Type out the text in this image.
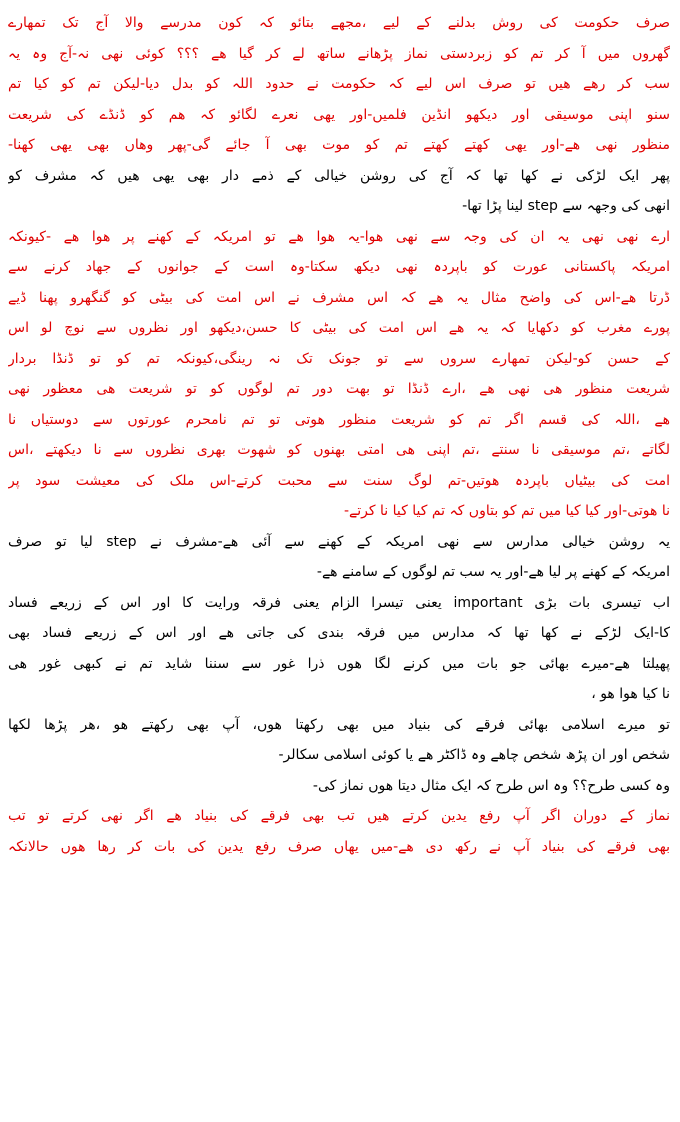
صرف حکومت کی روش بدلنے کے لیے ،مجھے بتائو کہ کون مدرسے والا آج تک تمھارے
گھروں میں آ کر تم کو زبردستی نماز پڑھانے ساتھ لے کر گیا ھے ؟؟؟ کوئی نھی نہ-آج وہ یہ
سب کر رھے ھیں تو صرف اس لیے کہ حکومت نے حدود اللہ کو بدل دیا-لیکن تم کو کیا تم
سنو اپنی موسیقی اور دیکھو انڈین فلمیں-اور یھی نعرے لگائو کہ ھم کو ڈنڈے کی شریعت
منظور نھی ھے-اور یھی کھتے کھتے تم کو موت بھی آ جائے گی-پھر وھاں بھی یھی کھنا-
پھر ایک لڑکی نے کھا تھا کہ آج کی روشن خیالی کے ذمے دار بھی یھی ھیں کہ مشرف کو
انھی کی وجھہ سے step لینا پڑا تھا-
ارے نھی نھی یہ ان کی وجہ سے نھی ھوا-یہ ھوا ھے تو امریکہ کے کھنے پر ھوا ھے -کیونکہ
امریکہ پاکستانی عورت کو باپردہ نھی دیکھ سکتا-وہ است کے جوانوں کے جھاد کرنے سے
ڈرتا ھے-اس کی واضح مثال یہ ھے کہ اس مشرف نے اس امت کی بیٹی کو گنگھرو پھنا ڈیے
پورے مغرب کو دکھایا کہ یہ ھے اس امت کی بیٹی کا حسن،دیکھو اور نظروں سے نوچ لو اس
کے حسن کو-لیکن تمھارے سروں سے تو جونک تک نہ رینگی،کیونکہ تم کو تو ڈنڈا بردار
شریعت منظور ھی نھی ھے ،ارے ڈنڈا تو بھت دور تم لوگوں کو تو شریعت ھی معظور نھی
ھے ،اللہ کی قسم اگر تم کو شریعت منظور ھوتی تو تم نامحرم عورتوں سے دوستیاں نا
لگاتے ،تم موسیقی نا سنتے ،تم اپنی ھی امتی بھنوں کو شھوت بھری نظروں سے نا دیکھتے ،اس
امت کی بیٹیاں باپردہ ھوتیں-تم لوگ سنت سے محبت کرتے-اس ملک کی معیشت سود پر
نا ھوتی-اور کیا کیا میں تم کو بتاوں کہ تم کیا کیا نا کرتے-
یہ روشن خیالی مدارس سے نھی امریکہ کے کھنے سے آئی ھے-مشرف نے step لیا تو صرف
امریکہ کے کھنے پر لیا ھے-اور یہ سب تم لوگوں کے سامنے ھے-
اب تیسری بات بڑی important یعنی تیسرا الزام یعنی فرقہ ورایت کا اور اس کے زریعے فساد
کا-ایک لڑکے نے کھا تھا کہ مدارس میں فرقہ بندی کی جاتی ھے اور اس کے زریعے فساد بھی
پھیلتا ھے-میرے بھائی جو بات میں کرنے لگا ھوں ذرا غور سے سننا شاید تم نے کبھی غور ھی
نا کیا ھوا ھو ،
تو میرے اسلامی بھائی فرقے کی بنیاد میں بھی رکھتا ھوں، آپ بھی رکھتے ھو ،ھر پڑھا لکھا
شخص اور ان پڑھ شخص چاھے وہ ڈاکٹر ھے یا کوئی اسلامی سکالر-
وہ کسی طرح؟؟ وہ اس طرح کہ ایک مثال دیتا ھوں نماز کی-
نماز کے دوران اگر آپ رفع یدین کرتے ھیں تب بھی فرقے کی بنیاد ھے اگر نھی کرتے تو تب
بھی فرقے کی بنیاد آپ نے رکھ دی ھے-میں یھاں صرف رفع یدین کی بات کر رھا ھوں حالانکہ
